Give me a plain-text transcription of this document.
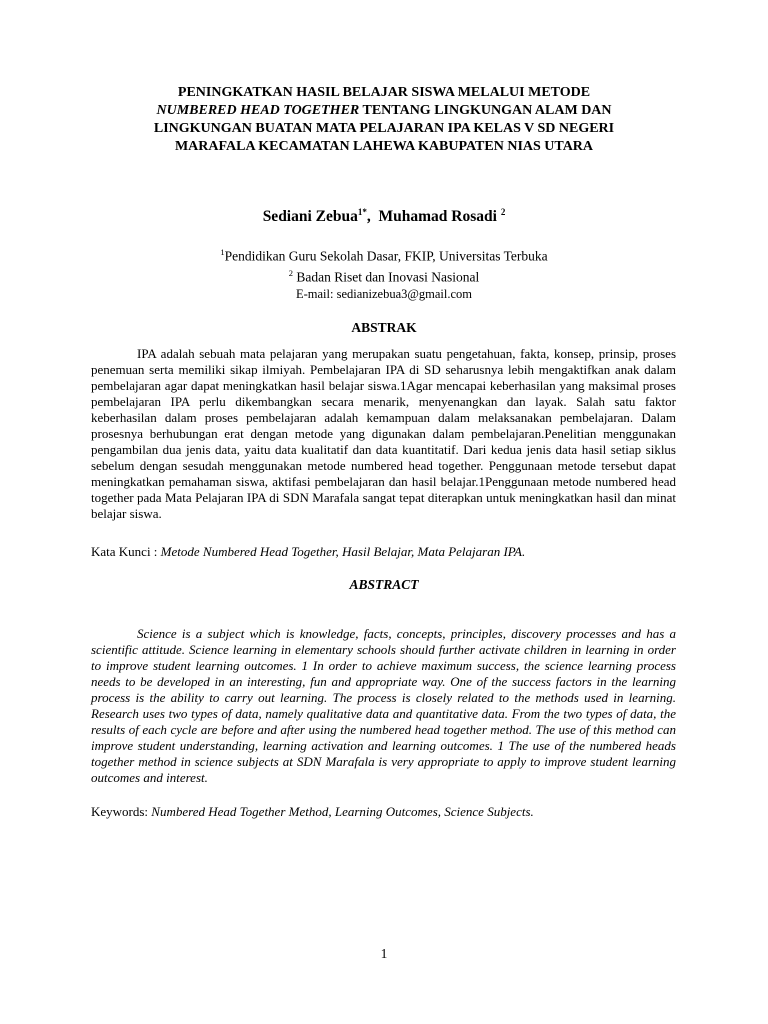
PENINGKATKAN HASIL BELAJAR SISWA MELALUI METODE
NUMBERED HEAD TOGETHER TENTANG LINGKUNGAN ALAM DAN
LINGKUNGAN BUATAN MATA PELAJARAN IPA KELAS V SD NEGERI
MARAFALA KECAMATAN LAHEWA KABUPATEN NIAS UTARA
Sediani Zebua$^{1*}$,  Muhamad Rosadi $^2$
$^1$Pendidikan Guru Sekolah Dasar, FKIP, Universitas Terbuka
$^2$ Badan Riset dan Inovasi Nasional
E-mail: sedianizebua3@gmail.com
ABSTRAK

IPA adalah sebuah mata pelajaran yang merupakan suatu pengetahuan, fakta, konsep, prinsip, proses penemuan serta memiliki sikap ilmiyah. Pembelajaran IPA di SD seharusnya lebih mengaktifkan anak dalam pembelajaran agar dapat meningkatkan hasil belajar siswa.1Agar mencapai keberhasilan yang maksimal proses pembelajaran IPA perlu dikembangkan secara menarik, menyenangkan dan layak. Salah satu faktor keberhasilan dalam proses pembelajaran adalah kemampuan dalam melaksanakan pembelajaran. Dalam prosesnya berhubungan erat dengan metode yang digunakan dalam pembelajaran.Penelitian menggunakan pengambilan dua jenis data, yaitu data kualitatif dan data kuantitatif. Dari kedua jenis data hasil setiap siklus sebelum dengan sesudah menggunakan metode numbered head together. Penggunaan metode tersebut dapat meningkatkan pemahaman siswa, aktifasi pembelajaran dan hasil belajar.1Penggunaan metode numbered head together pada Mata Pelajaran IPA di SDN Marafala sangat tepat diterapkan untuk meningkatkan hasil dan minat belajar siswa.

Kata Kunci : Metode Numbered Head Together, Hasil Belajar, Mata Pelajaran IPA.
ABSTRACT

Science is a subject which is knowledge, facts, concepts, principles, discovery processes and has a scientific attitude. Science learning in elementary schools should further activate children in learning in order to improve student learning outcomes. 1 In order to achieve maximum success, the science learning process needs to be developed in an interesting, fun and appropriate way. One of the success factors in the learning process is the ability to carry out learning. The process is closely related to the methods used in learning. Research uses two types of data, namely qualitative data and quantitative data. From the two types of data, the results of each cycle are before and after using the numbered head together method. The use of this method can improve student understanding, learning activation and learning outcomes. 1 The use of the numbered heads together method in science subjects at SDN Marafala is very appropriate to apply to improve student learning outcomes and interest.

Keywords: Numbered Head Together Method, Learning Outcomes, Science Subjects.
1
